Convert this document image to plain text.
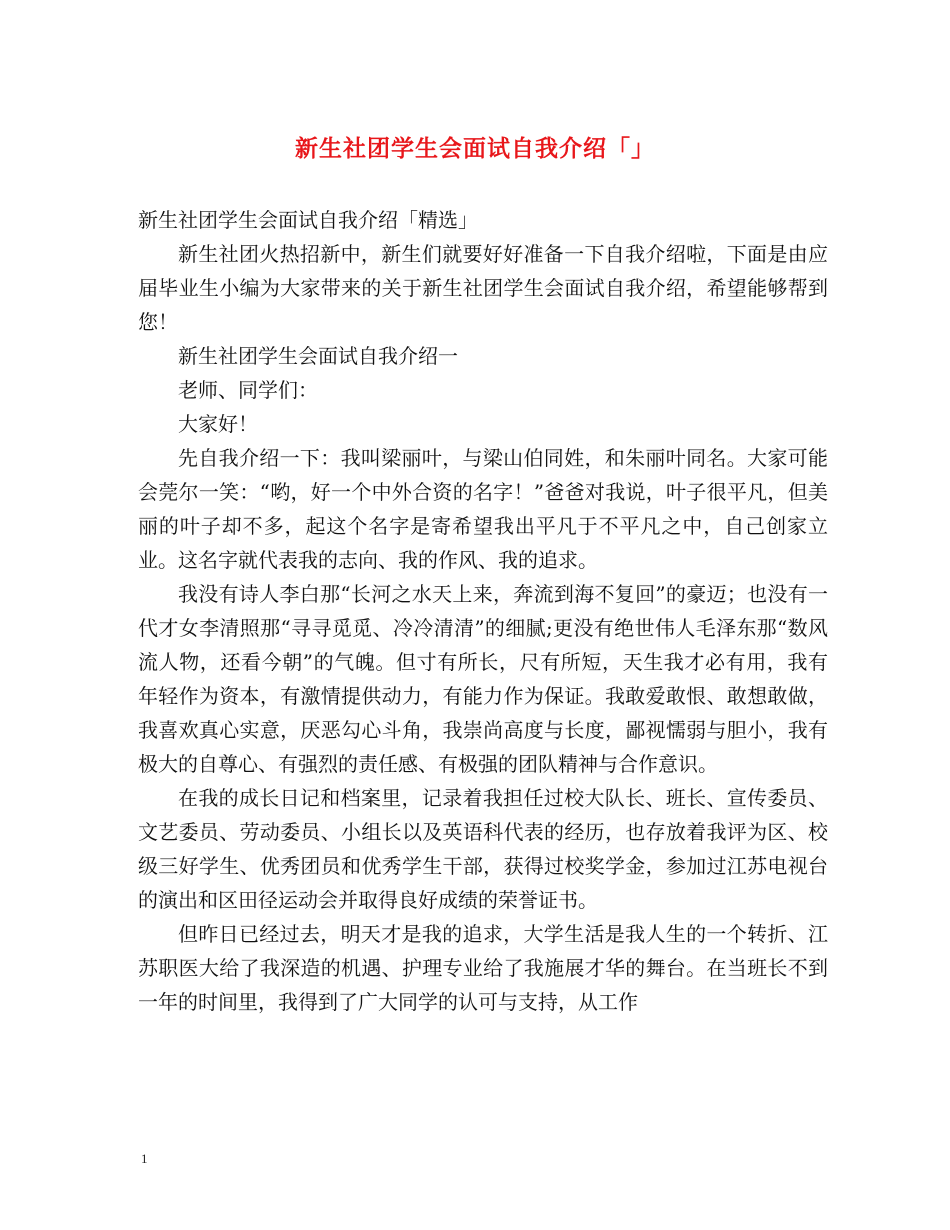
新生社团学生会面试自我介绍「」

新生社团学生会面试自我介绍「精选」

新生社团火热招新中，新生们就要好好准备一下自我介绍啦，下面是由应届毕业生小编为大家带来的关于新生社团学生会面试自我介绍，希望能够帮到您！

新生社团学生会面试自我介绍一

老师、同学们：

大家好！

先自我介绍一下：我叫梁丽叶，与梁山伯同姓，和朱丽叶同名。大家可能会莞尔一笑：“哟，好一个中外合资的名字！”爸爸对我说，叶子很平凡，但美丽的叶子却不多，起这个名字是寄希望我出平凡于不平凡之中，自己创家立业。这名字就代表我的志向、我的作风、我的追求。

我没有诗人李白那“长河之水天上来，奔流到海不复回”的豪迈；也没有一代才女李清照那“寻寻觅觅、冷冷清清”的细腻;更没有绝世伟人毛泽东那“数风流人物，还看今朝”的气魄。但寸有所长，尺有所短，天生我才必有用，我有年轻作为资本，有激情提供动力，有能力作为保证。我敢爱敢恨、敢想敢做，我喜欢真心实意，厌恶勾心斗角，我崇尚高度与长度，鄙视懦弱与胆小，我有极大的自尊心、有强烈的责任感、有极强的团队精神与合作意识。

在我的成长日记和档案里，记录着我担任过校大队长、班长、宣传委员、文艺委员、劳动委员、小组长以及英语科代表的经历，也存放着我评为区、校级三好学生、优秀团员和优秀学生干部，获得过校奖学金，参加过江苏电视台的演出和区田径运动会并取得良好成绩的荣誉证书。

但昨日已经过去，明天才是我的追求，大学生活是我人生的一个转折、江苏职医大给了我深造的机遇、护理专业给了我施展才华的舞台。在当班长不到一年的时间里，我得到了广大同学的认可与支持，从工作

1
